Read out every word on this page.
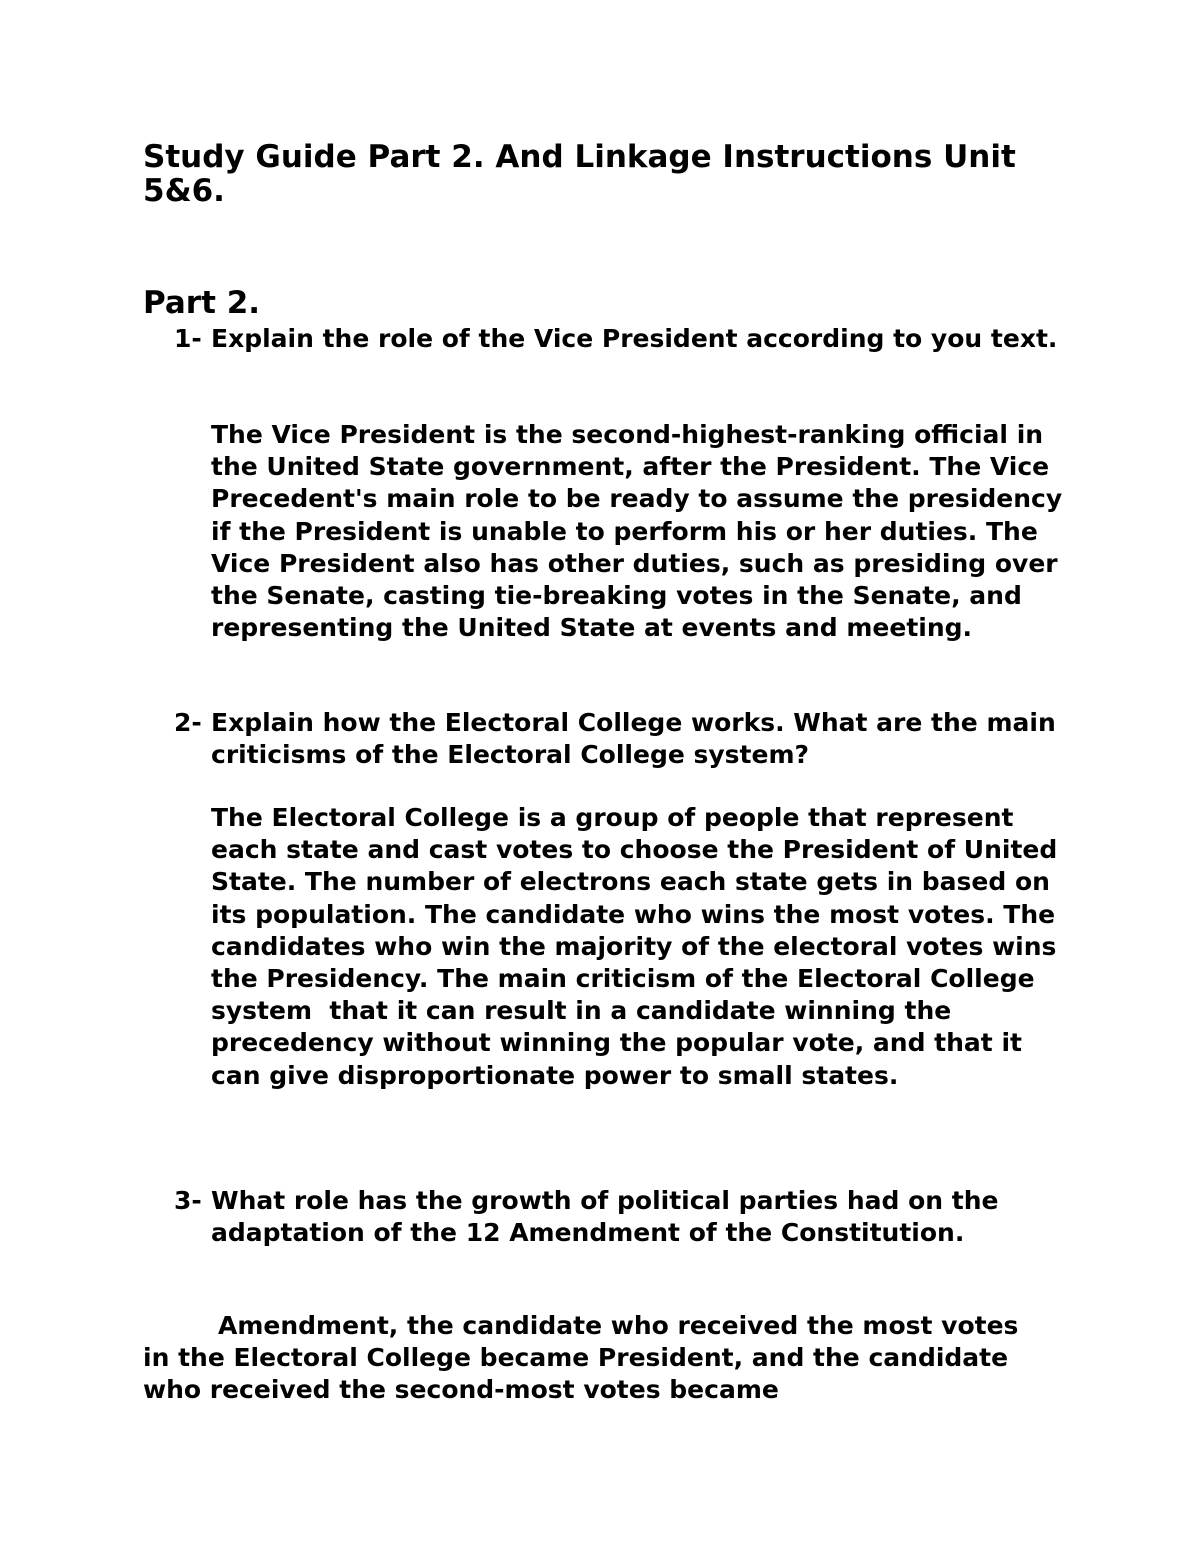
Study Guide Part 2. And Linkage Instructions Unit 5&6.
Part 2.
1- Explain the role of the Vice President according to you text.
The Vice President is the second-highest-ranking official in the United State government, after the President. The Vice Precedent's main role to be ready to assume the presidency if the President is unable to perform his or her duties. The Vice President also has other duties, such as presiding over the Senate, casting tie-breaking votes in the Senate, and representing the United State at events and meeting.
2- Explain how the Electoral College works. What are the main criticisms of the Electoral College system?
The Electoral College is a group of people that represent each state and cast votes to choose the President of United State. The number of electrons each state gets in based on its population. The candidate who wins the most votes. The candidates who win the majority of the electoral votes wins the Presidency. The main criticism of the Electoral College system  that it can result in a candidate winning the precedency without winning the popular vote, and that it can give disproportionate power to small states.
3- What role has the growth of political parties had on the adaptation of the 12 Amendment of the Constitution.
Amendment, the candidate who received the most votes in the Electoral College became President, and the candidate who received the second-most votes became
